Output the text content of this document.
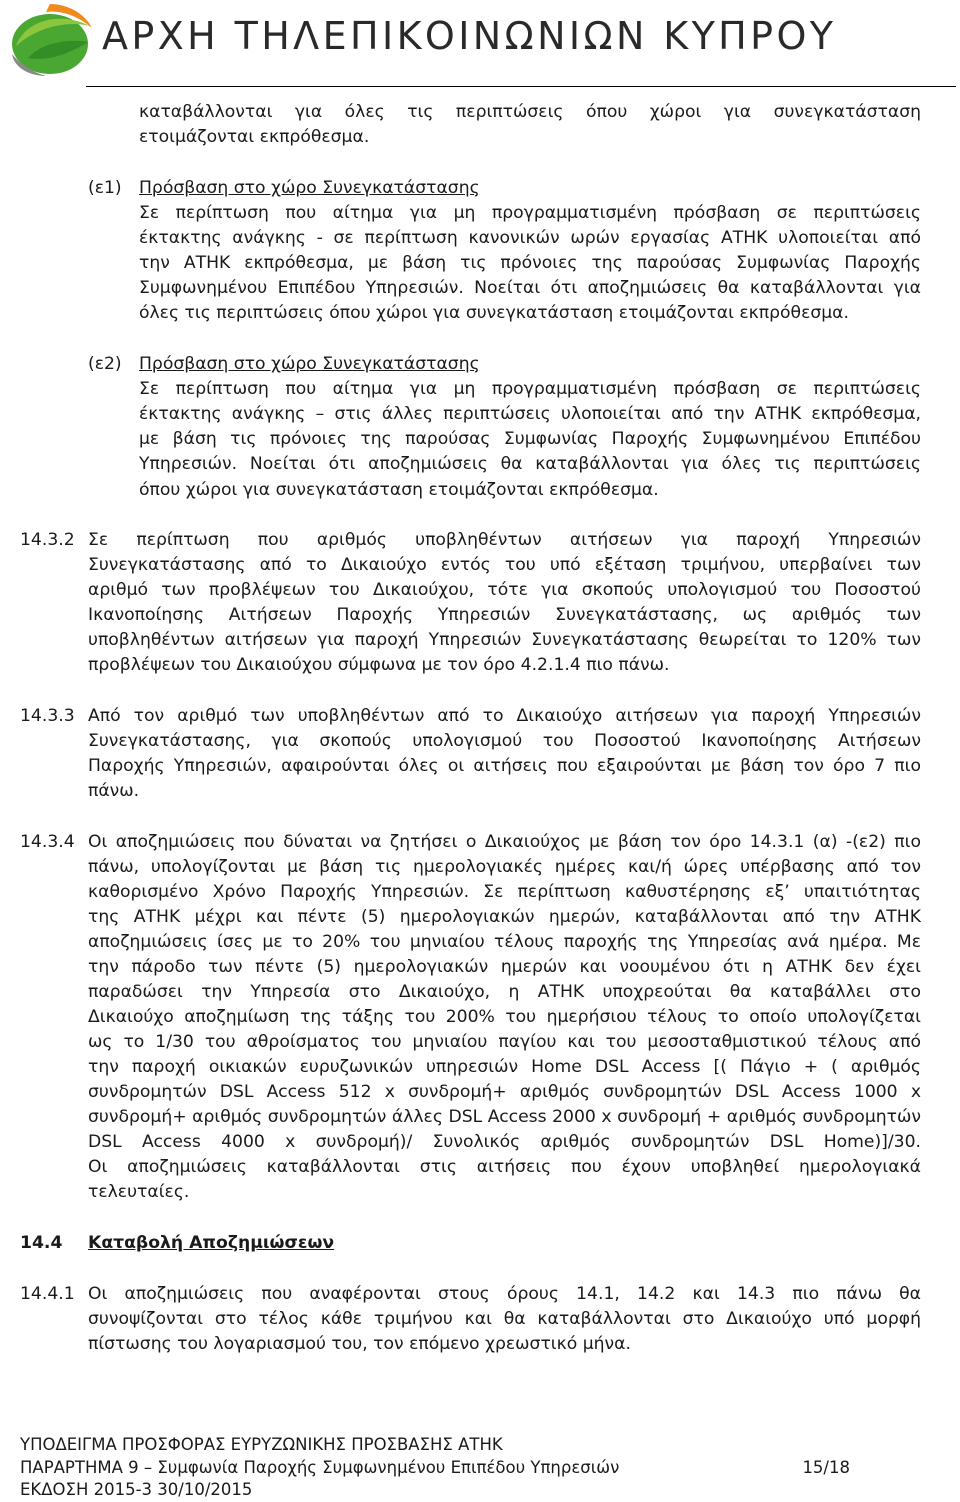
ΑΡΧΗ ΤΗΛΕΠΙΚΟΙΝΩΝΙΩΝ ΚΥΠΡΟΥ
καταβάλλονται για όλες τις περιπτώσεις όπου χώροι για συνεγκατάσταση
ετοιμάζονται εκπρόθεσμα.
(ε1) Πρόσβαση στο χώρο Συνεγκατάστασης
Σε περίπτωση που αίτημα για μη προγραμματισμένη πρόσβαση σε περιπτώσεις
έκτακτης ανάγκης - σε περίπτωση κανονικών ωρών εργασίας ΑΤΗΚ υλοποιείται από
την ΑΤΗΚ εκπρόθεσμα, με βάση τις πρόνοιες της παρούσας Συμφωνίας Παροχής
Συμφωνημένου Επιπέδου Υπηρεσιών. Νοείται ότι αποζημιώσεις θα καταβάλλονται για
όλες τις περιπτώσεις όπου χώροι για συνεγκατάσταση ετοιμάζονται εκπρόθεσμα.
(ε2) Πρόσβαση στο χώρο Συνεγκατάστασης
Σε περίπτωση που αίτημα για μη προγραμματισμένη πρόσβαση σε περιπτώσεις
έκτακτης ανάγκης – στις άλλες περιπτώσεις υλοποιείται από την ΑΤΗΚ εκπρόθεσμα,
με βάση τις πρόνοιες της παρούσας Συμφωνίας Παροχής Συμφωνημένου Επιπέδου
Υπηρεσιών. Νοείται ότι αποζημιώσεις θα καταβάλλονται για όλες τις περιπτώσεις
όπου χώροι για συνεγκατάσταση ετοιμάζονται εκπρόθεσμα.
14.3.2 Σε περίπτωση που αριθμός υποβληθέντων αιτήσεων για παροχή Υπηρεσιών
Συνεγκατάστασης από το Δικαιούχο εντός του υπό εξέταση τριμήνου, υπερβαίνει των
αριθμό των προβλέψεων του Δικαιούχου, τότε για σκοπούς υπολογισμού του Ποσοστού
Ικανοποίησης Αιτήσεων Παροχής Υπηρεσιών Συνεγκατάστασης, ως αριθμός των
υποβληθέντων αιτήσεων για παροχή Υπηρεσιών Συνεγκατάστασης θεωρείται το 120% των
προβλέψεων του Δικαιούχου σύμφωνα με τον όρο 4.2.1.4 πιο πάνω.
14.3.3 Από τον αριθμό των υποβληθέντων από το Δικαιούχο αιτήσεων για παροχή Υπηρεσιών
Συνεγκατάστασης, για σκοπούς υπολογισμού του Ποσοστού Ικανοποίησης Αιτήσεων
Παροχής Υπηρεσιών, αφαιρούνται όλες οι αιτήσεις που εξαιρούνται με βάση τον όρο 7 πιο
πάνω.
14.3.4 Οι αποζημιώσεις που δύναται να ζητήσει ο Δικαιούχος με βάση τον όρο 14.3.1 (α) -(ε2) πιο
πάνω, υπολογίζονται με βάση τις ημερολογιακές ημέρες και/ή ώρες υπέρβασης από τον
καθορισμένο Χρόνο Παροχής Υπηρεσιών. Σε περίπτωση καθυστέρησης εξ’ υπαιτιότητας
της ΑΤΗΚ μέχρι και πέντε (5) ημερολογιακών ημερών, καταβάλλονται από την ΑΤΗΚ
αποζημιώσεις ίσες με το 20% του μηνιαίου τέλους παροχής της Υπηρεσίας ανά ημέρα. Με
την πάροδο των πέντε (5) ημερολογιακών ημερών και νοουμένου ότι η ΑΤΗΚ δεν έχει
παραδώσει την Υπηρεσία στο Δικαιούχο, η ΑΤΗΚ υποχρεούται θα καταβάλλει στο
Δικαιούχο αποζημίωση της τάξης του 200% του ημερήσιου τέλους το οποίο υπολογίζεται
ως το 1/30 του αθροίσματος του μηνιαίου παγίου και του μεσοσταθμιστικού τέλους από
την παροχή οικιακών ευρυζωνικών υπηρεσιών Home DSL Access [( Πάγιο + ( αριθμός
συνδρομητών DSL Access 512 x συνδρομή+ αριθμός συνδρομητών DSL Access 1000 x
συνδρομή+ αριθμός συνδρομητών άλλες DSL Access 2000 x συνδρομή + αριθμός συνδρομητών
DSL Access 4000 x συνδρομή)/ Συνολικός αριθμός συνδρομητών DSL Home)]/30.
Οι αποζημιώσεις καταβάλλονται στις αιτήσεις που έχουν υποβληθεί ημερολογιακά
τελευταίες.
14.4 Καταβολή Αποζημιώσεων
14.4.1 Οι αποζημιώσεις που αναφέρονται στους όρους 14.1, 14.2 και 14.3 πιο πάνω θα
συνοψίζονται στο τέλος κάθε τριμήνου και θα καταβάλλονται στο Δικαιούχο υπό μορφή
πίστωσης του λογαριασμού του, τον επόμενο χρεωστικό μήνα.
ΥΠΟΔΕΙΓΜΑ ΠΡΟΣΦΟΡΑΣ ΕΥΡΥΖΩΝΙΚΗΣ ΠΡΟΣΒΑΣΗΣ ΑΤΗΚ
ΠΑΡΑΡΤΗΜΑ 9 – Συμφωνία Παροχής Συμφωνημένου Επιπέδου Υπηρεσιών	15/18
ΕΚΔΟΣΗ 2015-3 30/10/2015
